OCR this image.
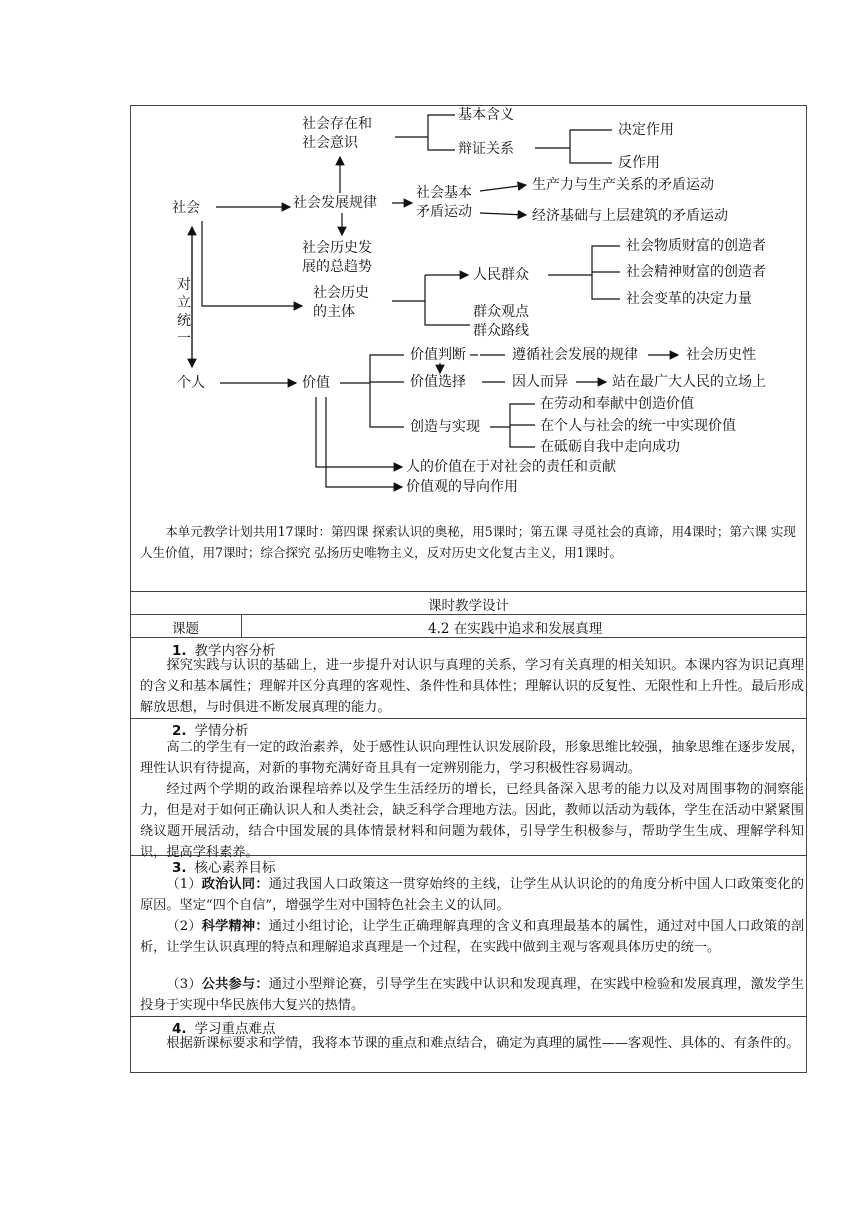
社会
个人
对
立
统
一
社会存在和
社会意识
基本含义
辩证关系
决定作用
反作用
社会发展规律
社会基本
矛盾运动
生产力与生产关系的矛盾运动
经济基础与上层建筑的矛盾运动
社会历史发
展的总趋势
社会历史
的主体
人民群众
社会物质财富的创造者
社会精神财富的创造者
社会变革的决定力量
群众观点
群众路线
价值
价值判断	遵循社会发展的规律	社会历史性
价值选择	因人而异	站在最广大人民的立场上
创造与实现
在劳动和奉献中创造价值
在个人与社会的统一中实现价值
在砥砺自我中走向成功
人的价值在于对社会的责任和贡献
价值观的导向作用

本单元教学计划共用17课时：第四课 探索认识的奥秘，用5课时；第五课 寻觅社会的真谛，用4课时；第六课 实现人生价值，用7课时；综合探究 弘扬历史唯物主义，反对历史文化复古主义，用1课时。

课时教学设计
课题	4.2 在实践中追求和发展真理
1. 教学内容分析

探究实践与认识的基础上，进一步提升对认识与真理的关系，学习有关真理的相关知识。本课内容为识记真理的含义和基本属性；理解并区分真理的客观性、条件性和具体性；理解认识的反复性、无限性和上升性。最后形成解放思想，与时俱进不断发展真理的能力。

2. 学情分析

高二的学生有一定的政治素养，处于感性认识向理性认识发展阶段，形象思维比较强，抽象思维在逐步发展，理性认识有待提高，对新的事物充满好奇且具有一定辨别能力，学习积极性容易调动。

经过两个学期的政治课程培养以及学生生活经历的增长，已经具备深入思考的能力以及对周围事物的洞察能力，但是对于如何正确认识人和人类社会，缺乏科学合理地方法。因此，教师以活动为载体，学生在活动中紧紧围绕议题开展活动，结合中国发展的具体情景材料和问题为载体，引导学生积极参与，帮助学生生成、理解学科知识，提高学科素养。

3. 核心素养目标

（1）政治认同：通过我国人口政策这一贯穿始终的主线，让学生从认识论的的角度分析中国人口政策变化的原因。坚定“四个自信”，增强学生对中国特色社会主义的认同。

（2）科学精神：通过小组讨论，让学生正确理解真理的含义和真理最基本的属性，通过对中国人口政策的剖析，让学生认识真理的特点和理解追求真理是一个过程，在实践中做到主观与客观具体历史的统一。

（3）公共参与：通过小型辩论赛，引导学生在实践中认识和发现真理，在实践中检验和发展真理，激发学生投身于实现中华民族伟大复兴的热情。

4. 学习重点难点

根据新课标要求和学情，我将本节课的重点和难点结合，确定为真理的属性——客观性、具体的、有条件的。
